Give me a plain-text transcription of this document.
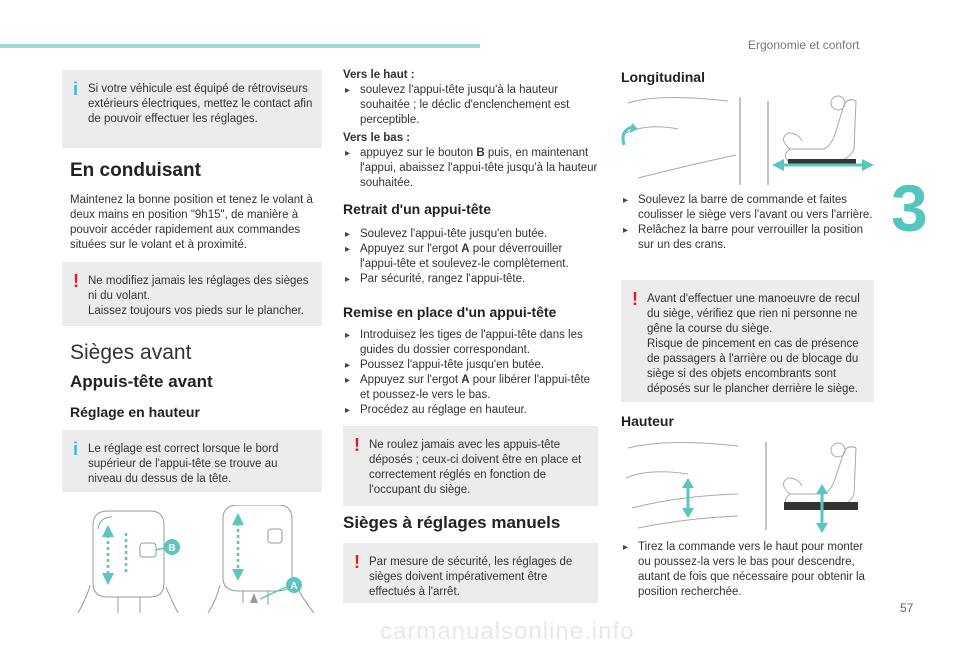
Ergonomie et confort
3
i Si votre véhicule est équipé de rétroviseurs extérieurs électriques, mettez le contact afin de pouvoir effectuer les réglages.
En conduisant
Maintenez la bonne position et tenez le volant à deux mains en position "9h15", de manière à pouvoir accéder rapidement aux commandes situées sur le volant et à proximité.
! Ne modifiez jamais les réglages des sièges ni du volant.
Laissez toujours vos pieds sur le plancher.
Sièges avant
Appuis-tête avant
Réglage en hauteur
i Le réglage est correct lorsque le bord supérieur de l'appui-tête se trouve au niveau du dessus de la tête.
B
A
Vers le haut :
▸ soulevez l'appui-tête jusqu'à la hauteur souhaitée ; le déclic d'enclenchement est perceptible.
Vers le bas :
▸ appuyez sur le bouton B puis, en maintenant l'appui, abaissez l'appui-tête jusqu'à la hauteur souhaitée.
Retrait d'un appui-tête
▸ Soulevez l'appui-tête jusqu'en butée.
▸ Appuyez sur l'ergot A pour déverrouiller l'appui-tête et soulevez-le complètement.
▸ Par sécurité, rangez l'appui-tête.
Remise en place d'un appui-tête
▸ Introduisez les tiges de l'appui-tête dans les guides du dossier correspondant.
▸ Poussez l'appui-tête jusqu'en butée.
▸ Appuyez sur l'ergot A pour libérer l'appui-tête et poussez-le vers le bas.
▸ Procédez au réglage en hauteur.
! Ne roulez jamais avec les appuis-tête déposés ; ceux-ci doivent être en place et correctement réglés en fonction de l'occupant du siège.
Sièges à réglages manuels
! Par mesure de sécurité, les réglages de sièges doivent impérativement être effectués à l'arrêt.
Longitudinal
▸ Soulevez la barre de commande et faites coulisser le siège vers l'avant ou vers l'arrière.
▸ Relâchez la barre pour verrouiller la position sur un des crans.
! Avant d'effectuer une manoeuvre de recul du siège, vérifiez que rien ni personne ne gêne la course du siège.
Risque de pincement en cas de présence de passagers à l'arrière ou de blocage du siège si des objets encombrants sont déposés sur le plancher derrière le siège.
Hauteur
▸ Tirez la commande vers le haut pour monter ou poussez-la vers le bas pour descendre, autant de fois que nécessaire pour obtenir la position recherchée.
57
carmanualsonline.info
